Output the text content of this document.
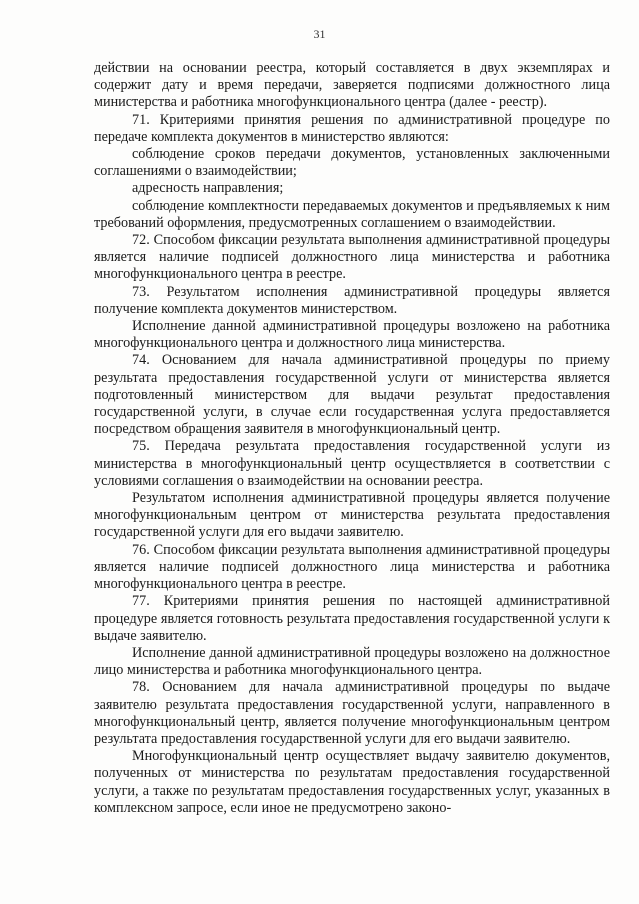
31

действии на основании реестра, который составляется в двух экземплярах и содержит дату и время передачи, заверяется подписями должностного лица министерства и работника многофункционального центра (далее - реестр).

71. Критериями принятия решения по административной процедуре по передаче комплекта документов в министерство являются:

соблюдение сроков передачи документов, установленных заключенными соглашениями о взаимодействии;

адресность направления;

соблюдение комплектности передаваемых документов и предъявляемых к ним требований оформления, предусмотренных соглашением о взаимодействии.

72. Способом фиксации результата выполнения административной процедуры является наличие подписей должностного лица министерства и работника многофункционального центра в реестре.

73. Результатом исполнения административной процедуры является получение комплекта документов министерством.

Исполнение данной административной процедуры возложено на работника многофункционального центра и должностного лица министерства.

74. Основанием для начала административной процедуры по приему результата предоставления государственной услуги от министерства является подготовленный министерством для выдачи результат предоставления государственной услуги, в случае если государственная услуга предоставляется посредством обращения заявителя в многофункциональный центр.

75. Передача результата предоставления государственной услуги из министерства в многофункциональный центр осуществляется в соответствии с условиями соглашения о взаимодействии на основании реестра.

Результатом исполнения административной процедуры является получение многофункциональным центром от министерства результата предоставления государственной услуги для его выдачи заявителю.

76. Способом фиксации результата выполнения административной процедуры является наличие подписей должностного лица министерства и работника многофункционального центра в реестре.

77. Критериями принятия решения по настоящей административной процедуре является готовность результата предоставления государственной услуги к выдаче заявителю.

Исполнение данной административной процедуры возложено на должностное лицо министерства и работника многофункционального центра.

78. Основанием для начала административной процедуры по выдаче заявителю результата предоставления государственной услуги, направленного в многофункциональный центр, является получение многофункциональным центром результата предоставления государственной услуги для его выдачи заявителю.

Многофункциональный центр осуществляет выдачу заявителю документов, полученных от министерства по результатам предоставления государственной услуги, а также по результатам предоставления государственных услуг, указанных в комплексном запросе, если иное не предусмотрено законо-
